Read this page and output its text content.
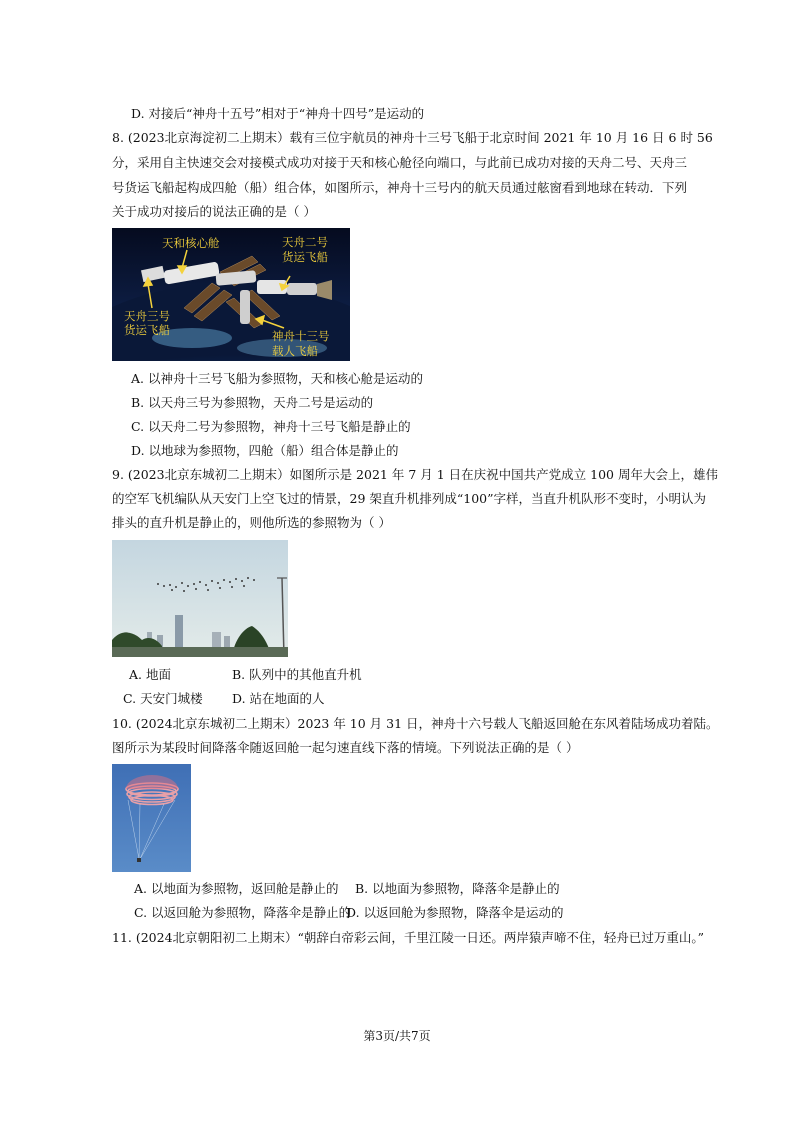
D. 对接后“神舟十五号”相对于“神舟十四号”是运动的
8. (2023北京海淀初二上期末）载有三位宇航员的神舟十三号飞船于北京时间 2021 年 10 月 16 日 6 时 56
分，采用自主快速交会对接模式成功对接于天和核心舱径向端口，与此前已成功对接的天舟二号、天舟三
号货运飞船起构成四舱（船）组合体，如图所示，神舟十三号内的航天员通过舷窗看到地球在转动．下列
关于成功对接后的说法正确的是（ ）
天和核心舱	天舟二号
货运飞船
天舟三号
货运飞船	神舟十三号
载人飞船
A. 以神舟十三号飞船为参照物，天和核心舱是运动的
B. 以天舟三号为参照物，天舟二号是运动的
C. 以天舟二号为参照物，神舟十三号飞船是静止的
D. 以地球为参照物，四舱（船）组合体是静止的
9. (2023北京东城初二上期末）如图所示是 2021 年 7 月 1 日在庆祝中国共产党成立 100 周年大会上，雄伟
的空军飞机编队从天安门上空飞过的情景，29 架直升机排列成“100”字样，当直升机队形不变时，小明认为
排头的直升机是静止的，则他所选的参照物为（ ）
A. 地面	B. 队列中的其他直升机
C. 天安门城楼 D. 站在地面的人
10. (2024北京东城初二上期末）2023 年 10 月 31 日，神舟十六号载人飞船返回舱在东风着陆场成功着陆。
图所示为某段时间降落伞随返回舱一起匀速直线下落的情境。下列说法正确的是（ ）
A. 以地面为参照物，返回舱是静止的 B. 以地面为参照物，降落伞是静止的
C. 以返回舱为参照物，降落伞是静止的
D. 以返回舱为参照物，降落伞是运动的
11. (2024北京朝阳初二上期末）“朝辞白帝彩云间，千里江陵一日还。两岸猿声啼不住，轻舟已过万重山。”
第3页/共7页
